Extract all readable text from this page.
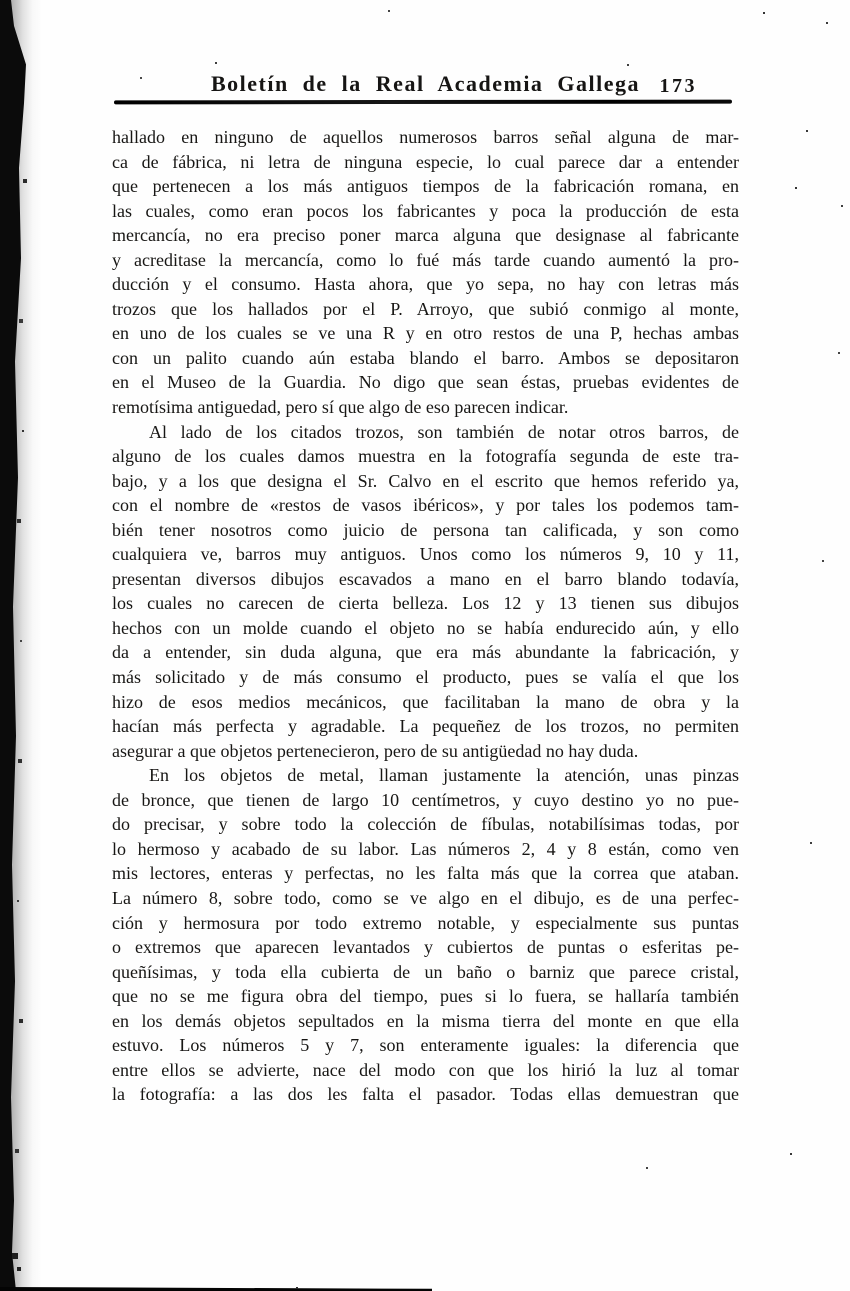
Boletín de la Real Academia Gallega 173
hallado en ninguno de aquellos numerosos barros señal alguna de mar-
ca de fábrica, ni letra de ninguna especie, lo cual parece dar a entender
que pertenecen a los más antiguos tiempos de la fabricación romana, en
las cuales, como eran pocos los fabricantes y poca la producción de esta
mercancía, no era preciso poner marca alguna que designase al fabricante
y acreditase la mercancía, como lo fué más tarde cuando aumentó la pro-
ducción y el consumo. Hasta ahora, que yo sepa, no hay con letras más
trozos que los hallados por el P. Arroyo, que subió conmigo al monte,
en uno de los cuales se ve una R y en otro restos de una P, hechas ambas
con un palito cuando aún estaba blando el barro. Ambos se depositaron
en el Museo de la Guardia. No digo que sean éstas, pruebas evidentes de
remotísima antiguedad, pero sí que algo de eso parecen indicar.
Al lado de los citados trozos, son también de notar otros barros, de
alguno de los cuales damos muestra en la fotografía segunda de este tra-
bajo, y a los que designa el Sr. Calvo en el escrito que hemos referido ya,
con el nombre de «restos de vasos ibéricos», y por tales los podemos tam-
bién tener nosotros como juicio de persona tan calificada, y son como
cualquiera ve, barros muy antiguos. Unos como los números 9, 10 y 11,
presentan diversos dibujos escavados a mano en el barro blando todavía,
los cuales no carecen de cierta belleza. Los 12 y 13 tienen sus dibujos
hechos con un molde cuando el objeto no se había endurecido aún, y ello
da a entender, sin duda alguna, que era más abundante la fabricación, y
más solicitado y de más consumo el producto, pues se valía el que los
hizo de esos medios mecánicos, que facilitaban la mano de obra y la
hacían más perfecta y agradable. La pequeñez de los trozos, no permiten
asegurar a que objetos pertenecieron, pero de su antigüedad no hay duda.
En los objetos de metal, llaman justamente la atención, unas pinzas
de bronce, que tienen de largo 10 centímetros, y cuyo destino yo no pue-
do precisar, y sobre todo la colección de fíbulas, notabilísimas todas, por
lo hermoso y acabado de su labor. Las números 2, 4 y 8 están, como ven
mis lectores, enteras y perfectas, no les falta más que la correa que ataban.
La número 8, sobre todo, como se ve algo en el dibujo, es de una perfec-
ción y hermosura por todo extremo notable, y especialmente sus puntas
o extremos que aparecen levantados y cubiertos de puntas o esferitas pe-
queñísimas, y toda ella cubierta de un baño o barniz que parece cristal,
que no se me figura obra del tiempo, pues si lo fuera, se hallaría también
en los demás objetos sepultados en la misma tierra del monte en que ella
estuvo. Los números 5 y 7, son enteramente iguales: la diferencia que
entre ellos se advierte, nace del modo con que los hirió la luz al tomar
la fotografía: a las dos les falta el pasador. Todas ellas demuestran que
